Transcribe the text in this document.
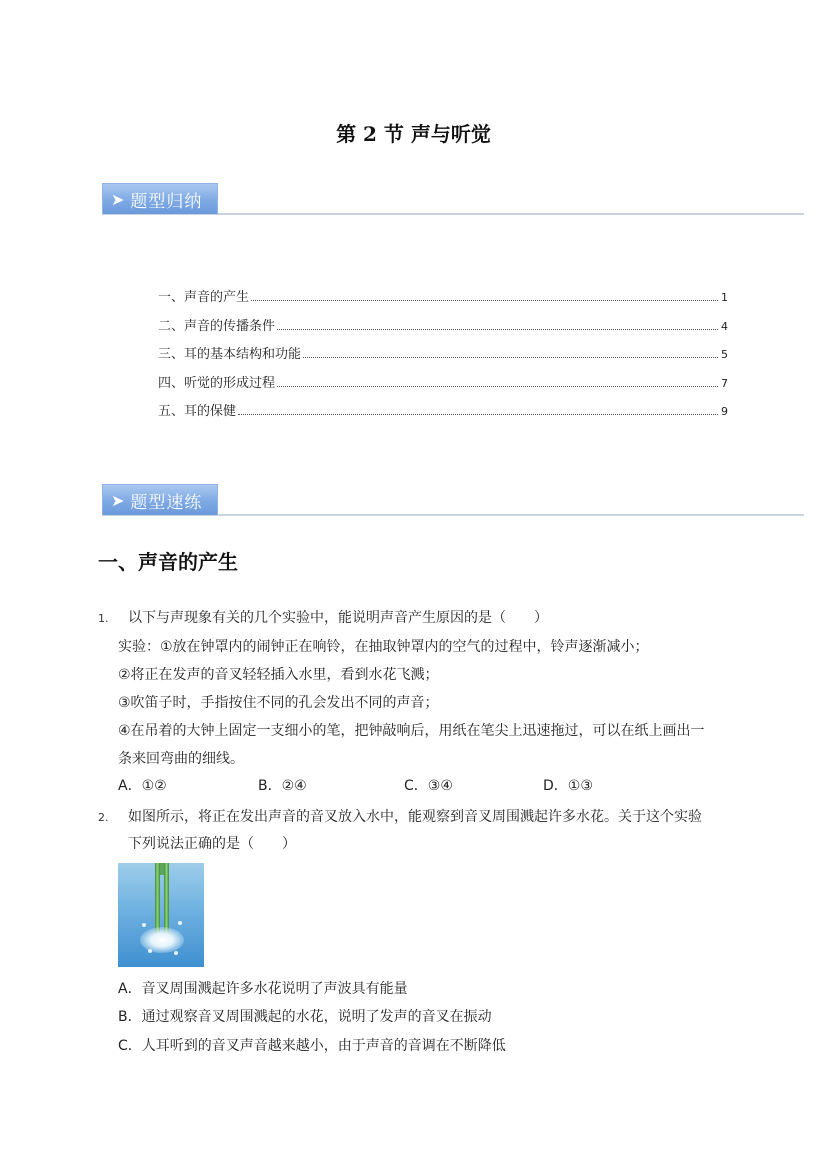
第 2 节 声与听觉
➤ 题型归纳
一、声音的产生	1
二、声音的传播条件	4
三、耳的基本结构和功能	5
四、听觉的形成过程	7
五、耳的保健	9
➤ 题型速练
一、声音的产生
1. 以下与声现象有关的几个实验中，能说明声音产生原因的是（　　）
实验：①放在钟罩内的闹钟正在响铃，在抽取钟罩内的空气的过程中，铃声逐渐减小；
②将正在发声的音叉轻轻插入水里，看到水花飞溅；
③吹笛子时，手指按住不同的孔会发出不同的声音；
④在吊着的大钟上固定一支细小的笔，把钟敲响后，用纸在笔尖上迅速拖过，可以在纸上画出一
条来回弯曲的细线。
A．①②	B．②④	C．③④	D．①③
2. 如图所示，将正在发出声音的音叉放入水中，能观察到音叉周围溅起许多水花。关于这个实验
下列说法正确的是（　　）
A．音叉周围溅起许多水花说明了声波具有能量
B．通过观察音叉周围溅起的水花，说明了发声的音叉在振动
C．人耳听到的音叉声音越来越小，由于声音的音调在不断降低
